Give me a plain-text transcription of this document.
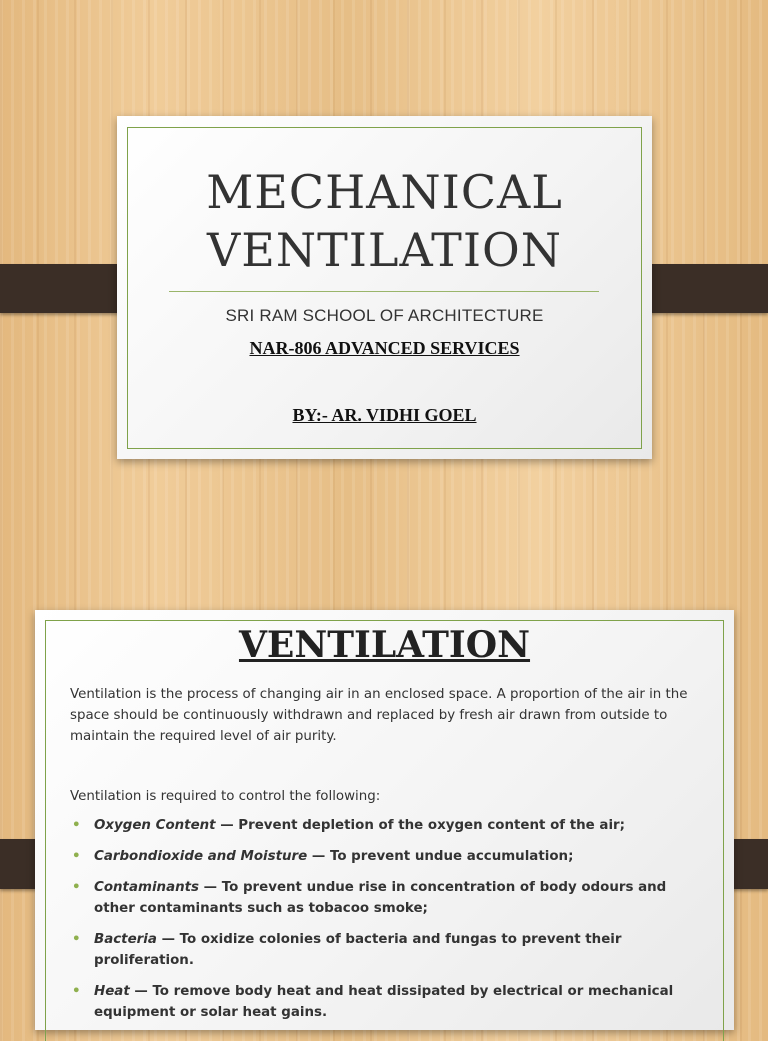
MECHANICAL
VENTILATION
SRI RAM SCHOOL OF ARCHITECTURE
NAR-806 ADVANCED SERVICES
BY:- AR. VIDHI GOEL
VENTILATION

Ventilation is the process of changing air in an enclosed space. A proportion of the air in the space should be continuously withdrawn and replaced by fresh air drawn from outside to maintain the required level of air purity.

Ventilation is required to control the following:

• Oxygen Content — Prevent depletion of the oxygen content of the air;
• Carbondioxide and Moisture — To prevent undue accumulation;
• Contaminants — To prevent undue rise in concentration of body odours and other contaminants such as tobacoo smoke;
• Bacteria — To oxidize colonies of bacteria and fungas to prevent their proliferation.
• Heat — To remove body heat and heat dissipated by electrical or mechanical equipment or solar heat gains.
